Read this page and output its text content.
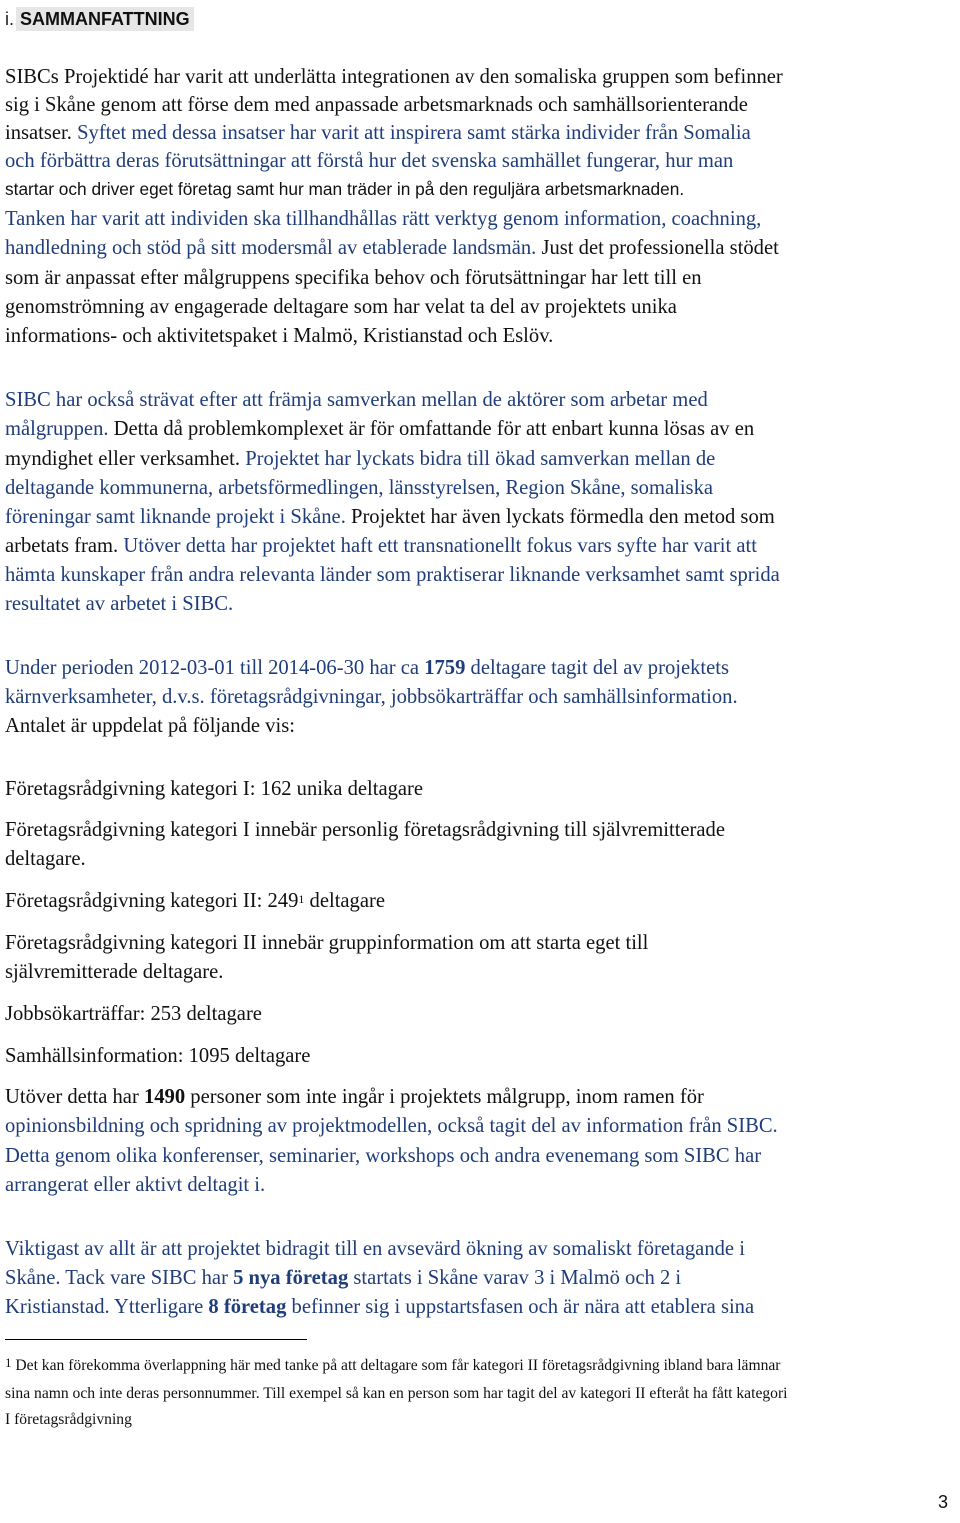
i. SAMMANFATTNING
SIBCs Projektidé har varit att underlätta integrationen av den somaliska gruppen som befinner
sig i Skåne genom att förse dem med anpassade arbetsmarknads och samhällsorienterande
insatser. Syftet med dessa insatser har varit att inspirera samt stärka individer från Somalia
och förbättra deras förutsättningar att förstå hur det svenska samhället fungerar, hur man
startar och driver eget företag samt hur man träder in på den reguljära arbetsmarknaden.
Tanken har varit att individen ska tillhandhållas rätt verktyg genom information, coachning,
handledning och stöd på sitt modersmål av etablerade landsmän. Just det professionella stödet
som är anpassat efter målgruppens specifika behov och förutsättningar har lett till en
genomströmning av engagerade deltagare som har velat ta del av projektets unika
informations- och aktivitetspaket i Malmö, Kristianstad och Eslöv.
SIBC har också strävat efter att främja samverkan mellan de aktörer som arbetar med
målgruppen. Detta då problemkomplexet är för omfattande för att enbart kunna lösas av en
myndighet eller verksamhet. Projektet har lyckats bidra till ökad samverkan mellan de
deltagande kommunerna, arbetsförmedlingen, länsstyrelsen, Region Skåne, somaliska
föreningar samt liknande projekt i Skåne. Projektet har även lyckats förmedla den metod som
arbetats fram. Utöver detta har projektet haft ett transnationellt fokus vars syfte har varit att
hämta kunskaper från andra relevanta länder som praktiserar liknande verksamhet samt sprida
resultatet av arbetet i SIBC.
Under perioden 2012-03-01 till 2014-06-30 har ca 1759 deltagare tagit del av projektets
kärnverksamheter, d.v.s. företagsrådgivningar, jobbsökarträffar och samhällsinformation.
Antalet är uppdelat på följande vis:
Företagsrådgivning kategori I: 162 unika deltagare
Företagsrådgivning kategori I innebär personlig företagsrådgivning till självremitterade
deltagare.
Företagsrådgivning kategori II: $249^1$ deltagare
Företagsrådgivning kategori II innebär gruppinformation om att starta eget till
självremitterade deltagare.
Jobbsökarträffar: 253 deltagare
Samhällsinformation: 1095 deltagare
Utöver detta har 1490 personer som inte ingår i projektets målgrupp, inom ramen för
opinionsbildning och spridning av projektmodellen, också tagit del av information från SIBC.
Detta genom olika konferenser, seminarier, workshops och andra evenemang som SIBC har
arrangerat eller aktivt deltagit i.
Viktigast av allt är att projektet bidragit till en avsevärd ökning av somaliskt företagande i
Skåne. Tack vare SIBC har 5 nya företag startats i Skåne varav 3 i Malmö och 2 i
Kristianstad. Ytterligare 8 företag befinner sig i uppstartsfasen och är nära att etablera sina
$^1$ Det kan förekomma överlappning här med tanke på att deltagare som får kategori II företagsrådgivning ibland bara lämnar
sina namn och inte deras personnummer. Till exempel så kan en person som har tagit del av kategori II efteråt ha fått kategori
I företagsrådgivning
3
